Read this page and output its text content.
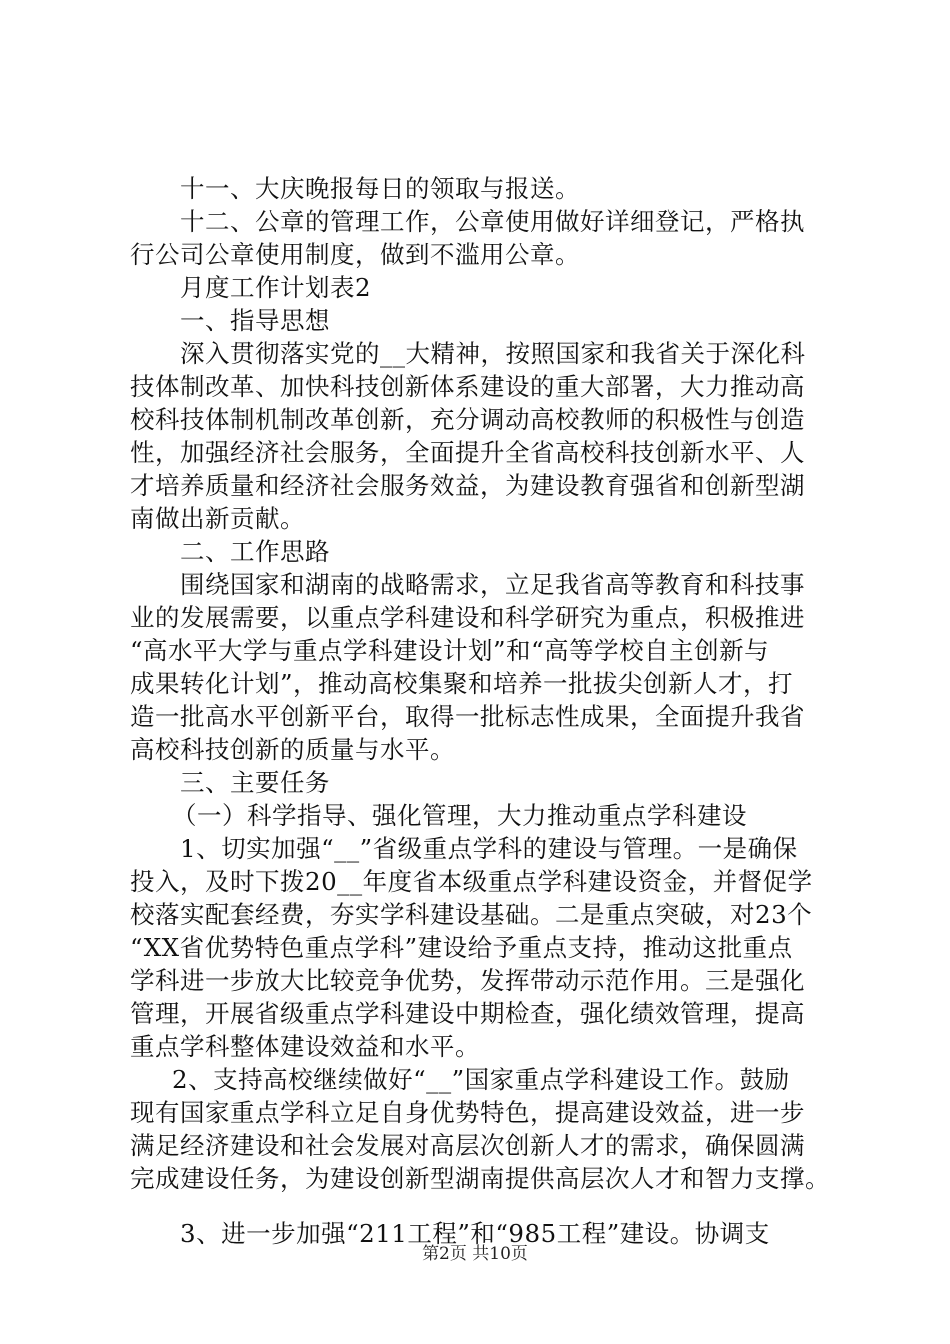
十一、大庆晚报每日的领取与报送。
十二、公章的管理工作，公章使用做好详细登记，严格执
行公司公章使用制度，做到不滥用公章。
月度工作计划表2
一、指导思想
深入贯彻落实党的__大精神，按照国家和我省关于深化科
技体制改革、加快科技创新体系建设的重大部署，大力推动高
校科技体制机制改革创新，充分调动高校教师的积极性与创造
性，加强经济社会服务，全面提升全省高校科技创新水平、人
才培养质量和经济社会服务效益，为建设教育强省和创新型湖
南做出新贡献。
二、工作思路
围绕国家和湖南的战略需求，立足我省高等教育和科技事
业的发展需要，以重点学科建设和科学研究为重点，积极推进
“高水平大学与重点学科建设计划”和“高等学校自主创新与
成果转化计划”，推动高校集聚和培养一批拔尖创新人才，打
造一批高水平创新平台，取得一批标志性成果，全面提升我省
高校科技创新的质量与水平。
三、主要任务
（一）科学指导、强化管理，大力推动重点学科建设
1、切实加强“__”省级重点学科的建设与管理。一是确保
投入，及时下拨20__年度省本级重点学科建设资金，并督促学
校落实配套经费，夯实学科建设基础。二是重点突破，对23个
“XX省优势特色重点学科”建设给予重点支持，推动这批重点
学科进一步放大比较竞争优势，发挥带动示范作用。三是强化
管理，开展省级重点学科建设中期检查，强化绩效管理，提高
重点学科整体建设效益和水平。
2、支持高校继续做好“__”国家重点学科建设工作。鼓励
现有国家重点学科立足自身优势特色，提高建设效益，进一步
满足经济建设和社会发展对高层次创新人才的需求，确保圆满
完成建设任务，为建设创新型湖南提供高层次人才和智力支撑。
3、进一步加强“211工程”和“985工程”建设。协调支
第2页 共10页
